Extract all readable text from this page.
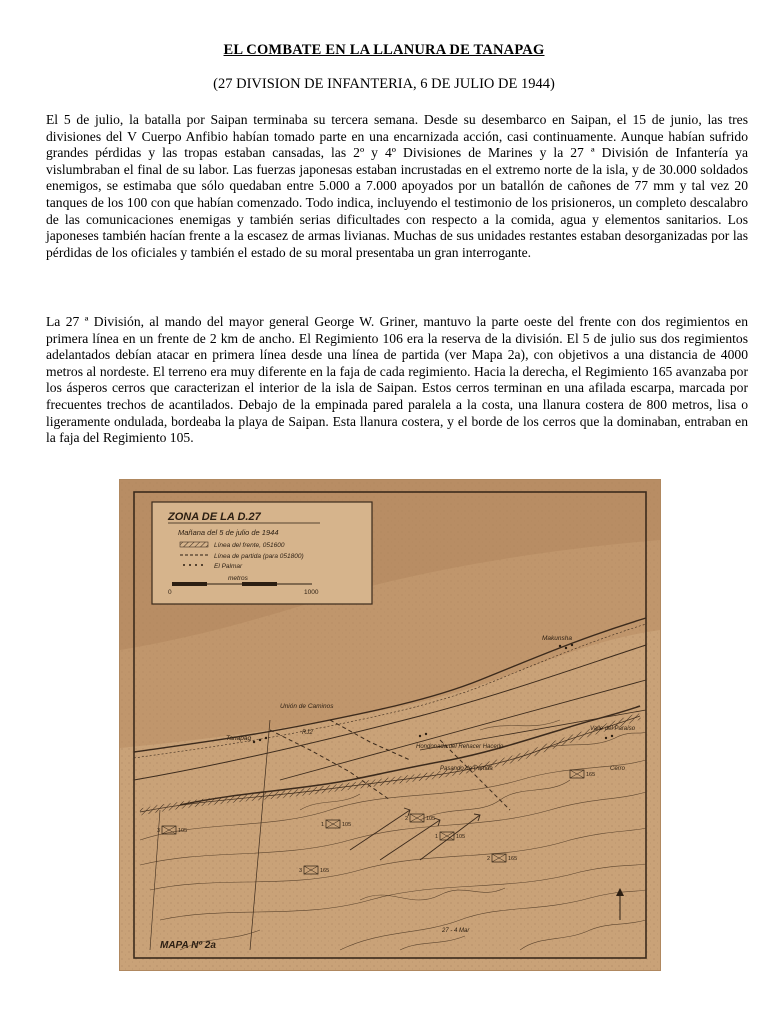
EL COMBATE EN LA LLANURA DE TANAPAG
(27 DIVISION DE INFANTERIA, 6 DE JULIO DE 1944)

El 5 de julio, la batalla por Saipan terminaba su tercera semana. Desde su desembarco en Saipan, el 15 de junio, las tres divisiones del V Cuerpo Anfibio habían tomado parte en una encarnizada acción, casi continuamente. Aunque habían sufrido grandes pérdidas y las tropas estaban cansadas, las 2º y 4º Divisiones de Marines y la 27 ª División de Infantería ya vislumbraban el final de su labor. Las fuerzas japonesas estaban incrustadas en el extremo norte de la isla, y de 30.000 soldados enemigos, se estimaba que sólo quedaban entre 5.000 a 7.000 apoyados por un batallón de cañones de 77 mm y tal vez 20 tanques de los 100 con que habían comenzado. Todo indica, incluyendo el testimonio de los prisioneros, un completo descalabro de las comunicaciones enemigas y también serias dificultades con respecto a la comida, agua y elementos sanitarios. Los japoneses también hacían frente a la escasez de armas livianas. Muchas de sus unidades restantes estaban desorganizadas por las pérdidas de los oficiales y también el estado de su moral presentaba un gran interrogante.

La 27 ª División, al mando del mayor general George W. Griner, mantuvo la parte oeste del frente con dos regimientos en primera línea en un frente de 2 km de ancho. El Regimiento 106 era la reserva de la división. El 5 de julio sus dos regimientos adelantados debían atacar en primera línea desde una línea de partida (ver Mapa 2a), con objetivos a una distancia de 4000 metros al nordeste. El terreno era muy diferente en la faja de cada regimiento. Hacia la derecha, el Regimiento 165 avanzaba por los ásperos cerros que caracterizan el interior de la isla de Saipan. Estos cerros terminan en una afilada escarpa, marcada por frecuentes trechos de acantilados. Debajo de la empinada pared paralela a la costa, una llanura costera de 800 metros, lisa o ligeramente ondulada, bordeaba la playa de Saipan. Esta llanura costera, y el borde de los cerros que la dominaban, entraban en la faja del Regimiento 105.

ZONA DE LA D.27
Mañana del 5 de julio de 1944
Línea del frente, 051600
Línea de partida (para 051800)
El Palmar
0
metros
1000
Makunsha
Tanapag
Unión de Caminos
RJ2
Hondonada del Rehacer Hacerlo
Pasando de Partida
Valle del Paraíso
Cerro
27 - 4 Mar
MAPA Nº 2a
3	105
165
1	105
2	105
1	105
3	165
2	165
